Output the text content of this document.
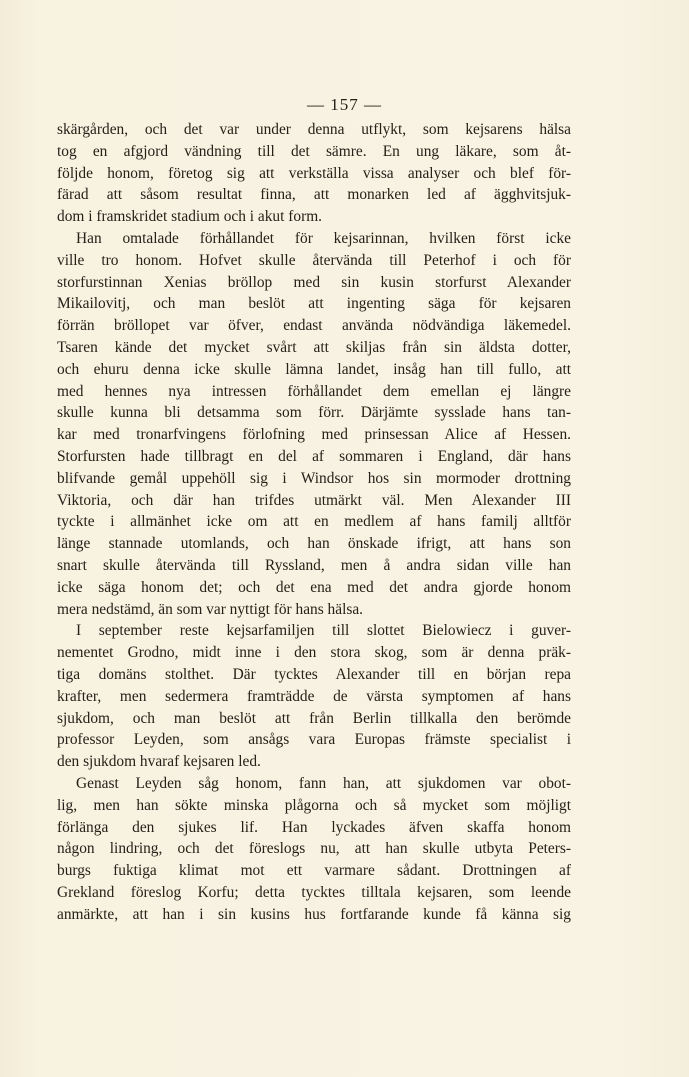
— 157 —
skärgården, och det var under denna utflykt, som kejsarens hälsa
tog en afgjord vändning till det sämre. En ung läkare, som åt-
följde honom, företog sig att verkställa vissa analyser och blef för-
färad att såsom resultat finna, att monarken led af ägghvitsjuk-
dom i framskridet stadium och i akut form.
Han omtalade förhållandet för kejsarinnan, hvilken först icke
ville tro honom. Hofvet skulle återvända till Peterhof i och för
storfurstinnan Xenias bröllop med sin kusin storfurst Alexander
Mikailovitj, och man beslöt att ingenting säga för kejsaren
förrän bröllopet var öfver, endast använda nödvändiga läkemedel.
Tsaren kände det mycket svårt att skiljas från sin äldsta dotter,
och ehuru denna icke skulle lämna landet, insåg han till fullo, att
med hennes nya intressen förhållandet dem emellan ej längre
skulle kunna bli detsamma som förr. Därjämte sysslade hans tan-
kar med tronarfvingens förlofning med prinsessan Alice af Hessen.
Storfursten hade tillbragt en del af sommaren i England, där hans
blifvande gemål uppehöll sig i Windsor hos sin mormoder drottning
Viktoria, och där han trifdes utmärkt väl. Men Alexander III
tyckte i allmänhet icke om att en medlem af hans familj alltför
länge stannade utomlands, och han önskade ifrigt, att hans son
snart skulle återvända till Ryssland, men å andra sidan ville han
icke säga honom det; och det ena med det andra gjorde honom
mera nedstämd, än som var nyttigt för hans hälsa.
I september reste kejsarfamiljen till slottet Bielowiecz i guver-
nementet Grodno, midt inne i den stora skog, som är denna präk-
tiga domäns stolthet. Där tycktes Alexander till en början repa
krafter, men sedermera framträdde de värsta symptomen af hans
sjukdom, och man beslöt att från Berlin tillkalla den berömde
professor Leyden, som ansågs vara Europas främste specialist i
den sjukdom hvaraf kejsaren led.
Genast Leyden såg honom, fann han, att sjukdomen var obot-
lig, men han sökte minska plågorna och så mycket som möjligt
förlänga den sjukes lif. Han lyckades äfven skaffa honom
någon lindring, och det föreslogs nu, att han skulle utbyta Peters-
burgs fuktiga klimat mot ett varmare sådant. Drottningen af
Grekland föreslog Korfu; detta tycktes tilltala kejsaren, som leende
anmärkte, att han i sin kusins hus fortfarande kunde få känna sig
